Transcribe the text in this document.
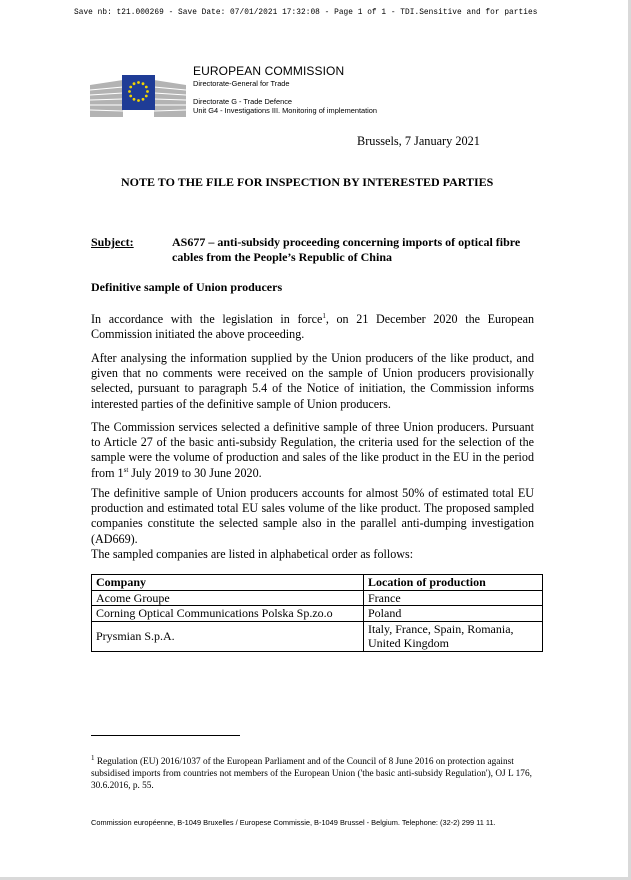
Save nb: t21.000269 - Save Date: 07/01/2021 17:32:08 - Page 1 of 1 - TDI.Sensitive and for parties
EUROPEAN COMMISSION
Directorate-General for Trade
Directorate G - Trade Defence
Unit G4 - Investigations III. Monitoring of implementation
Brussels, 7 January 2021
NOTE TO THE FILE FOR INSPECTION BY INTERESTED PARTIES
Subject:	AS677 – anti-subsidy proceeding concerning imports of optical fibre cables from the People’s Republic of China
Definitive sample of Union producers
In accordance with the legislation in force$^1$, on 21 December 2020 the European Commission initiated the above proceeding.
After analysing the information supplied by the Union producers of the like product, and given that no comments were received on the sample of Union producers provisionally selected, pursuant to paragraph 5.4 of the Notice of initiation, the Commission informs interested parties of the definitive sample of Union producers.
The Commission services selected a definitive sample of three Union producers. Pursuant to Article 27 of the basic anti-subsidy Regulation, the criteria used for the selection of the sample were the volume of production and sales of the like product in the EU in the period from 1st July 2019 to 30 June 2020.
The definitive sample of Union producers accounts for almost 50% of estimated total EU production and estimated total EU sales volume of the like product. The proposed sampled companies constitute the selected sample also in the parallel anti-dumping investigation (AD669).
The sampled companies are listed in alphabetical order as follows:
Company	Location of production
Acome Groupe	France
Corning Optical Communications Polska Sp.zo.o	Poland
Prysmian S.p.A.	Italy, France, Spain, Romania, United Kingdom
$^1$ Regulation (EU) 2016/1037 of the European Parliament and of the Council of 8 June 2016 on protection against subsidised imports from countries not members of the European Union ('the basic anti-subsidy Regulation'), OJ L 176, 30.6.2016, p. 55.
Commission européenne, B-1049 Bruxelles / Europese Commissie, B-1049 Brussel - Belgium. Telephone: (32-2) 299 11 11.
